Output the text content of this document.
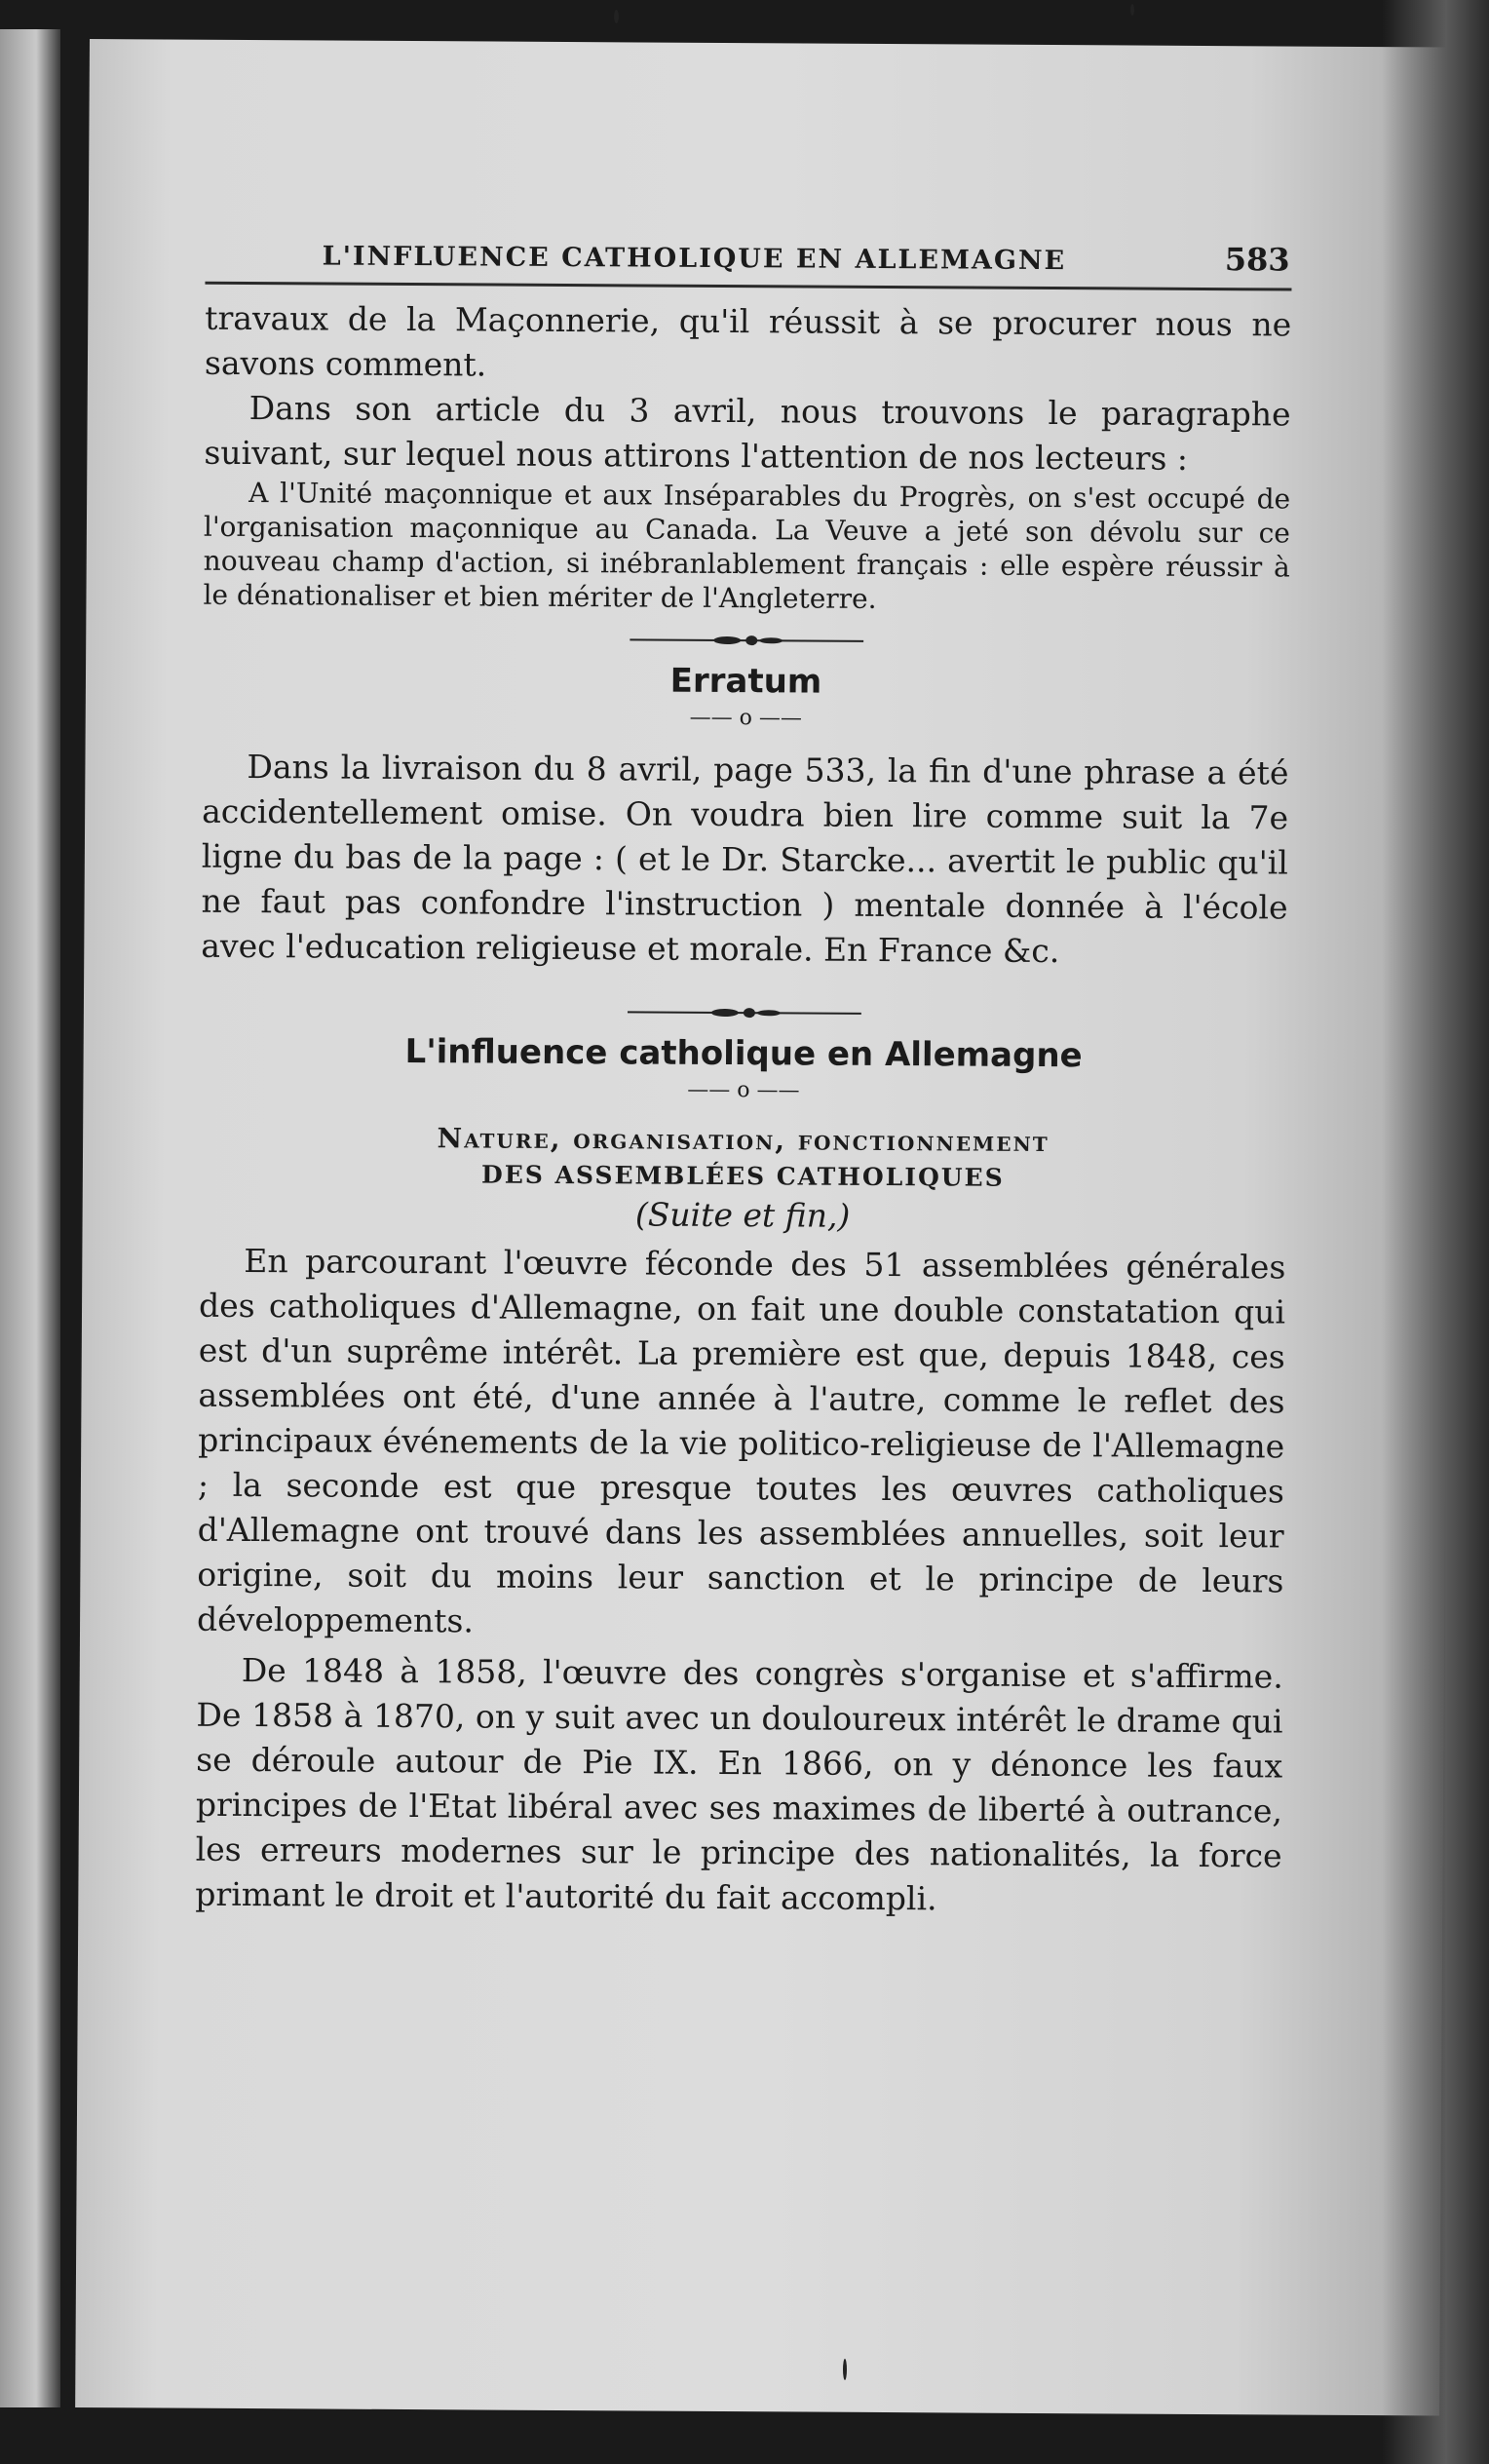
L'INFLUENCE CATHOLIQUE EN ALLEMAGNE	583

travaux de la Maçonnerie, qu'il réussit à se procurer nous ne savons comment.

Dans son article du 3 avril, nous trouvons le paragraphe suivant, sur lequel nous attirons l'attention de nos lecteurs :

A l'Unité maçonnique et aux Inséparables du Progrès, on s'est occupé de l'organisation maçonnique au Canada. La Veuve a jeté son dévolu sur ce nouveau champ d'action, si inébranlablement français : elle espère réussir à le dénationaliser et bien mériter de l'Angleterre.

Erratum
—— o ——

Dans la livraison du 8 avril, page 533, la fin d'une phrase a été accidentellement omise. On voudra bien lire comme suit la 7e ligne du bas de la page : ( et le Dr. Starcke... avertit le public qu'il ne faut pas confondre l'instruction ) mentale donnée à l'école avec l'education religieuse et morale. En France &c.

L'influence catholique en Allemagne
—— o ——
Nature, organisation, fonctionnement
DES ASSEMBLÉES CATHOLIQUES
(Suite et fin,)

En parcourant l'œuvre féconde des 51 assemblées générales des catholiques d'Allemagne, on fait une double constatation qui est d'un suprême intérêt. La première est que, depuis 1848, ces assemblées ont été, d'une année à l'autre, comme le reflet des principaux événements de la vie politico-religieuse de l'Allemagne ; la seconde est que presque toutes les œuvres catholiques d'Allemagne ont trouvé dans les assemblées annuelles, soit leur origine, soit du moins leur sanction et le principe de leurs développements.

De 1848 à 1858, l'œuvre des congrès s'organise et s'affirme. De 1858 à 1870, on y suit avec un douloureux intérêt le drame qui se déroule autour de Pie IX. En 1866, on y dénonce les faux principes de l'Etat libéral avec ses maximes de liberté à outrance, les erreurs modernes sur le principe des nationalités, la force primant le droit et l'autorité du fait accompli.
